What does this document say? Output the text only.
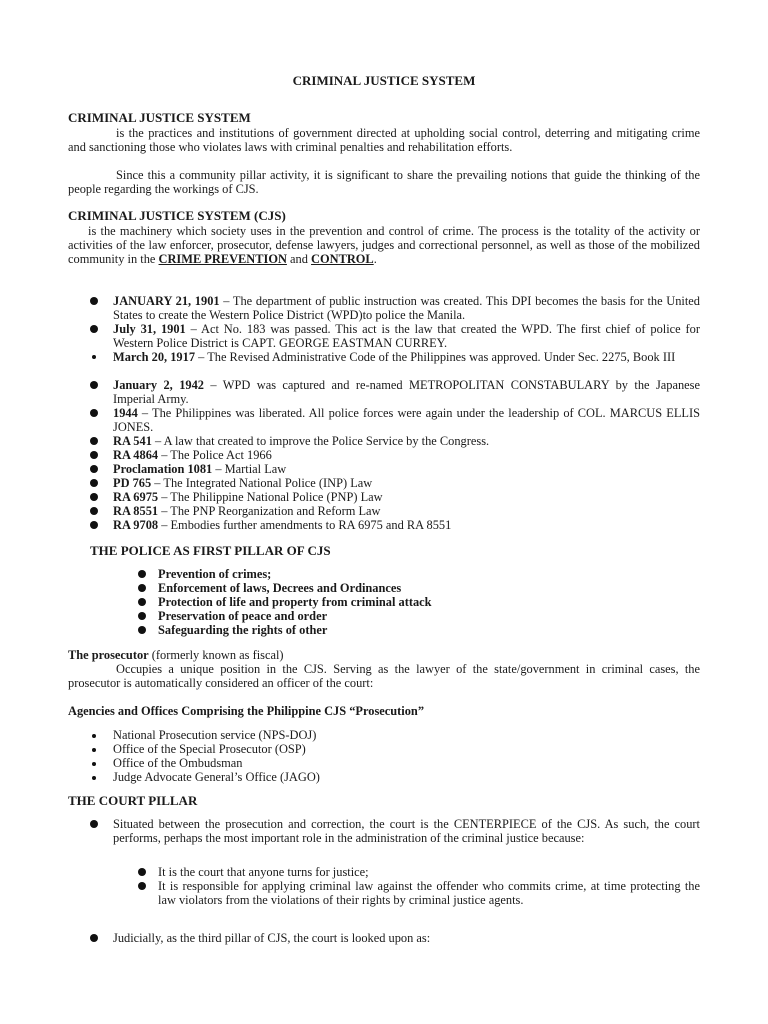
CRIMINAL JUSTICE SYSTEM
CRIMINAL JUSTICE SYSTEM
is the practices and institutions of government directed at upholding social control, deterring and mitigating crime and sanctioning those who violates laws with criminal penalties and rehabilitation efforts.
Since this a community pillar activity, it is significant to share the prevailing notions that guide the thinking of the people regarding the workings of CJS.
CRIMINAL JUSTICE SYSTEM (CJS)
is the machinery which society uses in the prevention and control of crime. The process is the totality of the activity or activities of the law enforcer, prosecutor, defense lawyers, judges and correctional personnel, as well as those of the mobilized community in the CRIME PREVENTION and CONTROL.
JANUARY 21, 1901 – The department of public instruction was created. This DPI becomes the basis for the United States to create the Western Police District (WPD)to police the Manila.
July 31, 1901 – Act No. 183 was passed. This act is the law that created the WPD. The first chief of police for Western Police District is CAPT. GEORGE EASTMAN CURREY.
March 20, 1917 – The Revised Administrative Code of the Philippines was approved. Under Sec. 2275, Book III
January 2, 1942 – WPD was captured and re-named METROPOLITAN CONSTABULARY by the Japanese Imperial Army.
1944 – The Philippines was liberated. All police forces were again under the leadership of COL. MARCUS ELLIS JONES.
RA 541 – A law that created to improve the Police Service by the Congress.
RA 4864 – The Police Act 1966
Proclamation 1081 – Martial Law
PD 765 – The Integrated National Police (INP) Law
RA 6975 – The Philippine National Police (PNP) Law
RA 8551 – The PNP Reorganization and Reform Law
RA 9708 – Embodies further amendments to RA 6975 and RA 8551
THE POLICE AS FIRST PILLAR OF CJS
Prevention of crimes;
Enforcement of laws, Decrees and Ordinances
Protection of life and property from criminal attack
Preservation of peace and order
Safeguarding the rights of other
The prosecutor (formerly known as fiscal)
Occupies a unique position in the CJS. Serving as the lawyer of the state/government in criminal cases, the prosecutor is automatically considered an officer of the court:
Agencies and Offices Comprising the Philippine CJS “Prosecution”
National Prosecution service (NPS-DOJ)
Office of the Special Prosecutor (OSP)
Office of the Ombudsman
Judge Advocate General’s Office (JAGO)
THE COURT PILLAR
Situated between the prosecution and correction, the court is the CENTERPIECE of the CJS. As such, the court performs, perhaps the most important role in the administration of the criminal justice because:
It is the court that anyone turns for justice;
It is responsible for applying criminal law against the offender who commits crime, at time protecting the law violators from the violations of their rights by criminal justice agents.
Judicially, as the third pillar of CJS, the court is looked upon as:
